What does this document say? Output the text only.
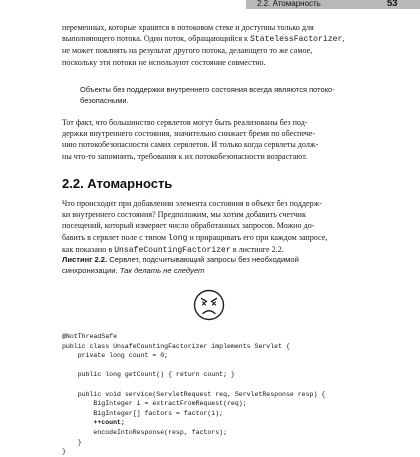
2.2. Атомарность	53
переменных, которые хранятся в потоковом стеке и доступны только для
выполняющего потока. Один поток, обращающийся к StatelessFactorizer,
не может повлиять на результат другого потока, делающего то же самое,
поскольку эти потоки не используют состояние совместно.
Объекты без поддержки внутреннего состояния всегда являются потоко-
безопасными.
Тот факт, что большинство сервлетов могут быть реализованы без под-
держки внутреннего состояния, значительно снижает бремя по обеспече-
нию потокобезопасности самих сервлетов. И только когда сервлеты долж-
ны что-то запомнить, требования к их потокобезопасности возрастают.
2.2. Атомарность
Что происходит при добавлении элемента состояния в объект без поддерж-
ки внутреннего состояния? Предположим, мы хотим добавить счетчик
посещений, который измеряет число обработанных запросов. Можно до-
бавить в сервлет поле с типом long и приращивать его при каждом запросе,
как показано в UnsafeCountingFactorizer в листинге 2.2.
Листинг 2.2. Сервлет, подсчитывающий запросы без необходимой
синхронизации. Так делать не следует
@NotThreadSafe
public class UnsafeCountingFactorizer implements Servlet {
private long count = 0;

public long getCount() { return count; }

public void service(ServletRequest req, ServletResponse resp) {
BigInteger i = extractFromRequest(req);
BigInteger[] factors = factor(i);
++count;
encodeIntoResponse(resp, factors);
}
}
